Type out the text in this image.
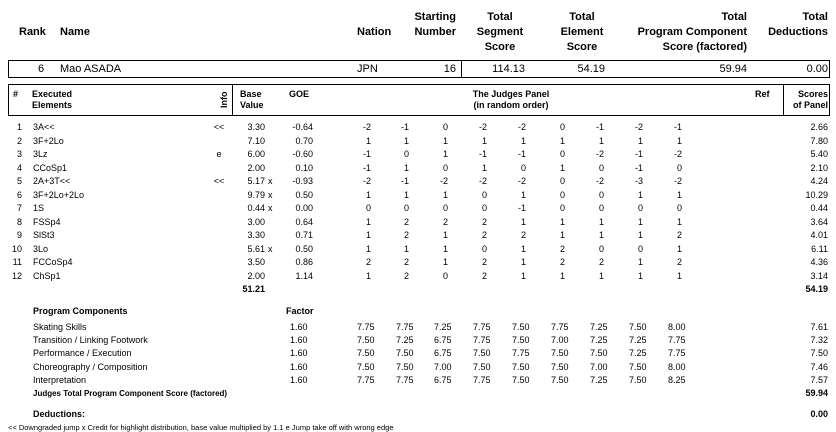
Rank Name	Nation
Starting
Number
Total
Segment
Score
Total
Element
Score
Total
Program Component
Score (factored)
Total
Deductions
6 Mao ASADA	JPN	16	114.13	54.19	59.94	0.00
# Executed
Elements	Info Base
Value
GOE	The Judges Panel
(in random order)
Ref	Scores
of Panel
1 3A<<	<<	3.30	-0.64	-2	-1	0	-2	-2	0	-1	-2	-1	2.66
2 3F+2Lo	7.10	0.70	1	1	1	1	1	1	1	1	1	7.80
3 3Lz	e	6.00	-0.60	-1	0	1	-1	-1	0	-2	-1	-2	5.40
4 CCoSp1	2.00	0.10	-1	1	0	1	0	1	0	-1	0	2.10
5 2A+3T<<	<<	5.17 x	-0.93	-2	-1	-2	-2	-2	0	-2	-3	-2	4.24
6 3F+2Lo+2Lo	9.79 x	0.50	1	1	1	0	1	0	0	1	1	10.29
7 1S	0.44 x	0.00	0	0	0	0	-1	0	0	0	0	0.44
8 FSSp4	3.00	0.64	1	2	2	2	1	1	1	1	1	3.64
9 SlSt3	3.30	0.71	1	2	1	2	2	1	1	1	2	4.01
10 3Lo	5.61 x	0.50	1	1	1	0	1	2	0	0	1	6.11
11 FCCoSp4	3.50	0.86	2	2	1	2	1	2	2	1	2	4.36
12 ChSp1	2.00	1.14	1	2	0	2	1	1	1	1	1	3.14
Skating Skills	1.60	7.75 7.75 7.25 7.75 7.50 7.75 7.25 7.50 8.00	7.61
Transition / Linking Footwork	1.60	7.50 7.25 6.75 7.75 7.50 7.00 7.25 7.25 7.75	7.32
Performance / Execution	1.60	7.50 7.50 6.75 7.50 7.75 7.50 7.50 7.25 7.75	7.50
Choreography / Composition	1.60	7.50 7.50 7.00 7.50 7.50 7.50 7.00 7.50 8.00	7.46
Interpretation	1.60	7.75 7.75 6.75 7.75 7.50 7.50 7.25 7.50 8.25	7.57
51.21	54.19
Program Components	Factor
Judges Total Program Component Score (factored)	59.94
Deductions:	0.00
<< Downgraded jump x Credit for highlight distribution, base value multiplied by 1.1 e Jump take off with wrong edge
